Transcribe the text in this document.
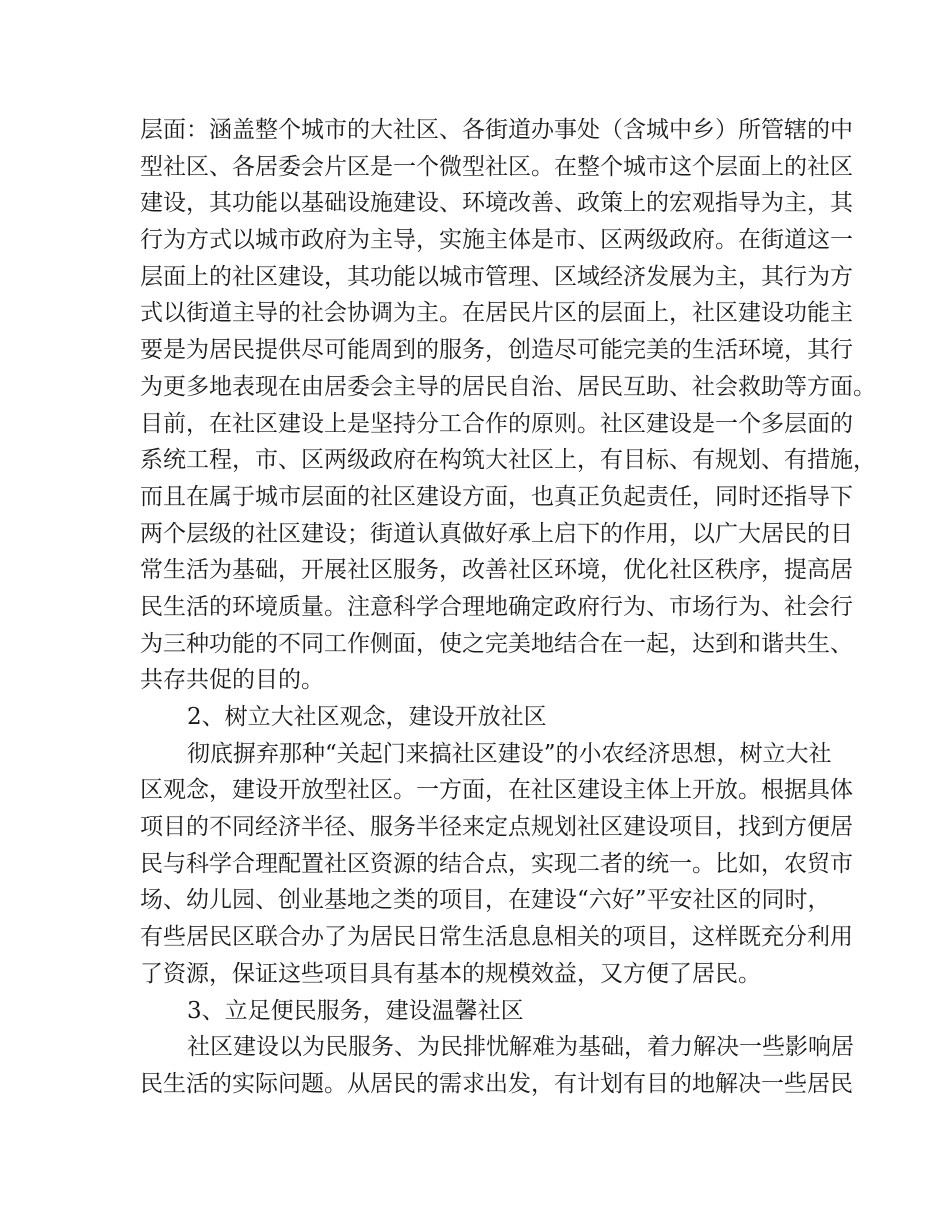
层面：涵盖整个城市的大社区、各街道办事处（含城中乡）所管辖的中
型社区、各居委会片区是一个微型社区。在整个城市这个层面上的社区
建设，其功能以基础设施建设、环境改善、政策上的宏观指导为主，其
行为方式以城市政府为主导，实施主体是市、区两级政府。在街道这一
层面上的社区建设，其功能以城市管理、区域经济发展为主，其行为方
式以街道主导的社会协调为主。在居民片区的层面上，社区建设功能主
要是为居民提供尽可能周到的服务，创造尽可能完美的生活环境，其行
为更多地表现在由居委会主导的居民自治、居民互助、社会救助等方面。
目前，在社区建设上是坚持分工合作的原则。社区建设是一个多层面的
系统工程，市、区两级政府在构筑大社区上，有目标、有规划、有措施，
而且在属于城市层面的社区建设方面，也真正负起责任，同时还指导下
两个层级的社区建设；街道认真做好承上启下的作用，以广大居民的日
常生活为基础，开展社区服务，改善社区环境，优化社区秩序，提高居
民生活的环境质量。注意科学合理地确定政府行为、市场行为、社会行
为三种功能的不同工作侧面，使之完美地结合在一起，达到和谐共生、
共存共促的目的。
2、树立大社区观念，建设开放社区
彻底摒弃那种“关起门来搞社区建设”的小农经济思想，树立大社
区观念，建设开放型社区。一方面，在社区建设主体上开放。根据具体
项目的不同经济半径、服务半径来定点规划社区建设项目，找到方便居
民与科学合理配置社区资源的结合点，实现二者的统一。比如，农贸市
场、幼儿园、创业基地之类的项目，在建设“六好”平安社区的同时，
有些居民区联合办了为居民日常生活息息相关的项目，这样既充分利用
了资源，保证这些项目具有基本的规模效益，又方便了居民。
3、立足便民服务，建设温馨社区
社区建设以为民服务、为民排忧解难为基础，着力解决一些影响居
民生活的实际问题。从居民的需求出发，有计划有目的地解决一些居民
